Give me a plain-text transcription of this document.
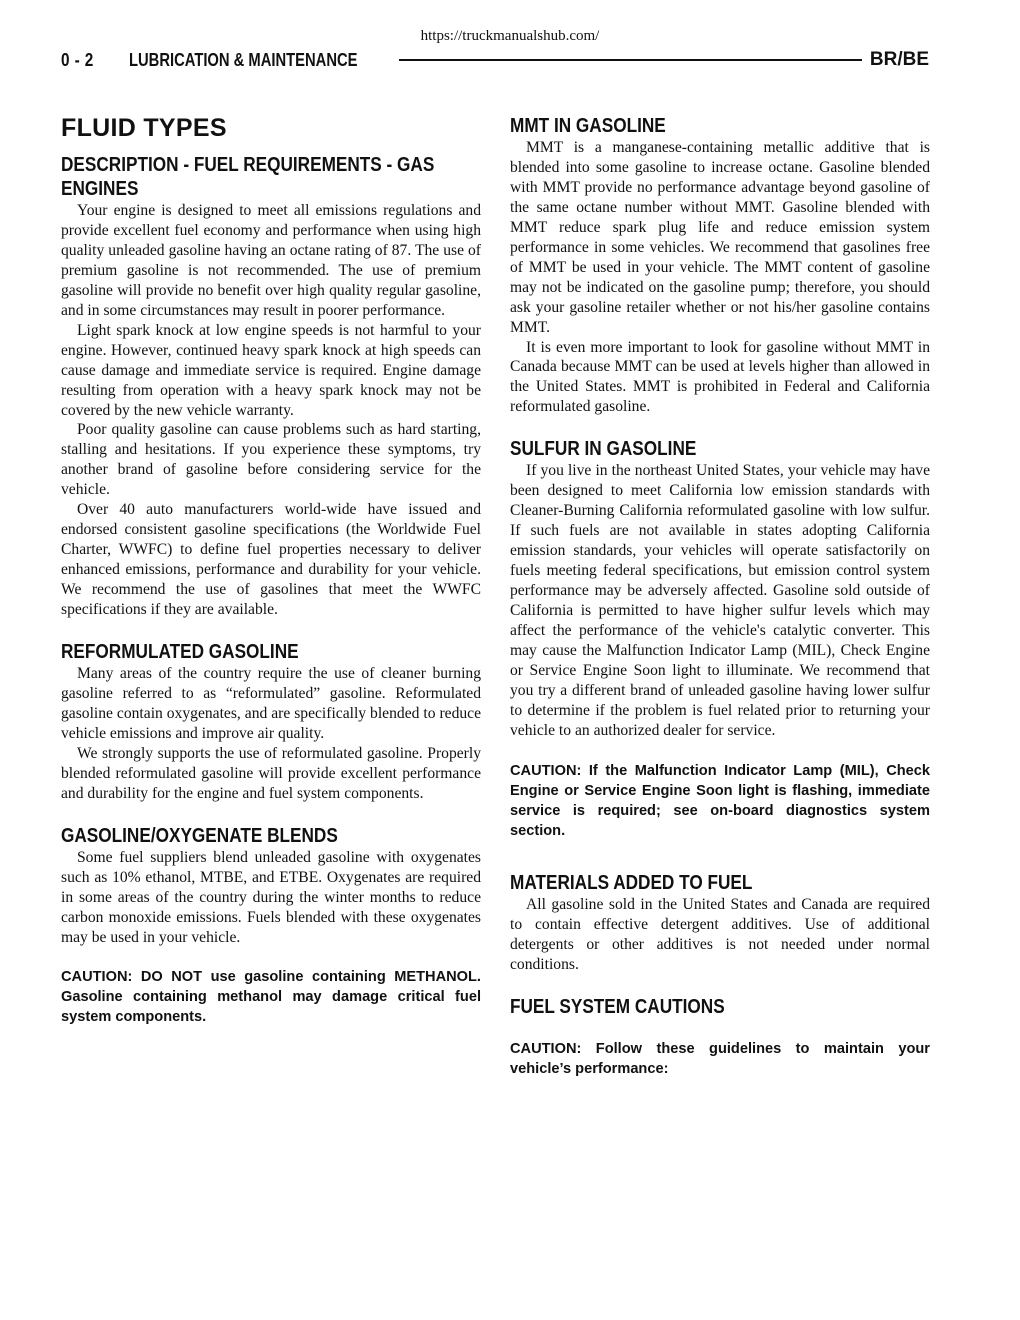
https://truckmanualshub.com/
0 - 2	LUBRICATION & MAINTENANCE	BR/BE
FLUID TYPES
DESCRIPTION - FUEL REQUIREMENTS - GAS ENGINES

Your engine is designed to meet all emissions regulations and provide excellent fuel economy and performance when using high quality unleaded gasoline having an octane rating of 87. The use of premium gasoline is not recommended. The use of premium gasoline will provide no benefit over high quality regular gasoline, and in some circumstances may result in poorer performance.

Light spark knock at low engine speeds is not harmful to your engine. However, continued heavy spark knock at high speeds can cause damage and immediate service is required. Engine damage resulting from operation with a heavy spark knock may not be covered by the new vehicle warranty.

Poor quality gasoline can cause problems such as hard starting, stalling and hesitations. If you experience these symptoms, try another brand of gasoline before considering service for the vehicle.

Over 40 auto manufacturers world-wide have issued and endorsed consistent gasoline specifications (the Worldwide Fuel Charter, WWFC) to define fuel properties necessary to deliver enhanced emissions, performance and durability for your vehicle. We recommend the use of gasolines that meet the WWFC specifications if they are available.

REFORMULATED GASOLINE

Many areas of the country require the use of cleaner burning gasoline referred to as “reformulated” gasoline. Reformulated gasoline contain oxygenates, and are specifically blended to reduce vehicle emissions and improve air quality.

We strongly supports the use of reformulated gasoline. Properly blended reformulated gasoline will provide excellent performance and durability for the engine and fuel system components.

GASOLINE/OXYGENATE BLENDS

Some fuel suppliers blend unleaded gasoline with oxygenates such as 10% ethanol, MTBE, and ETBE. Oxygenates are required in some areas of the country during the winter months to reduce carbon monoxide emissions. Fuels blended with these oxygenates may be used in your vehicle.

CAUTION: DO NOT use gasoline containing METHANOL. Gasoline containing methanol may damage critical fuel system components.

MMT IN GASOLINE

MMT is a manganese-containing metallic additive that is blended into some gasoline to increase octane. Gasoline blended with MMT provide no performance advantage beyond gasoline of the same octane number without MMT. Gasoline blended with MMT reduce spark plug life and reduce emission system performance in some vehicles. We recommend that gasolines free of MMT be used in your vehicle. The MMT content of gasoline may not be indicated on the gasoline pump; therefore, you should ask your gasoline retailer whether or not his/her gasoline contains MMT.

It is even more important to look for gasoline without MMT in Canada because MMT can be used at levels higher than allowed in the United States. MMT is prohibited in Federal and California reformulated gasoline.

SULFUR IN GASOLINE

If you live in the northeast United States, your vehicle may have been designed to meet California low emission standards with Cleaner-Burning California reformulated gasoline with low sulfur. If such fuels are not available in states adopting California emission standards, your vehicles will operate satisfactorily on fuels meeting federal specifications, but emission control system performance may be adversely affected. Gasoline sold outside of California is permitted to have higher sulfur levels which may affect the performance of the vehicle's catalytic converter. This may cause the Malfunction Indicator Lamp (MIL), Check Engine or Service Engine Soon light to illuminate. We recommend that you try a different brand of unleaded gasoline having lower sulfur to determine if the problem is fuel related prior to returning your vehicle to an authorized dealer for service.

CAUTION: If the Malfunction Indicator Lamp (MIL), Check Engine or Service Engine Soon light is flashing, immediate service is required; see on-board diagnostics system section.

MATERIALS ADDED TO FUEL

All gasoline sold in the United States and Canada are required to contain effective detergent additives. Use of additional detergents or other additives is not needed under normal conditions.

FUEL SYSTEM CAUTIONS

CAUTION: Follow these guidelines to maintain your vehicle’s performance:
